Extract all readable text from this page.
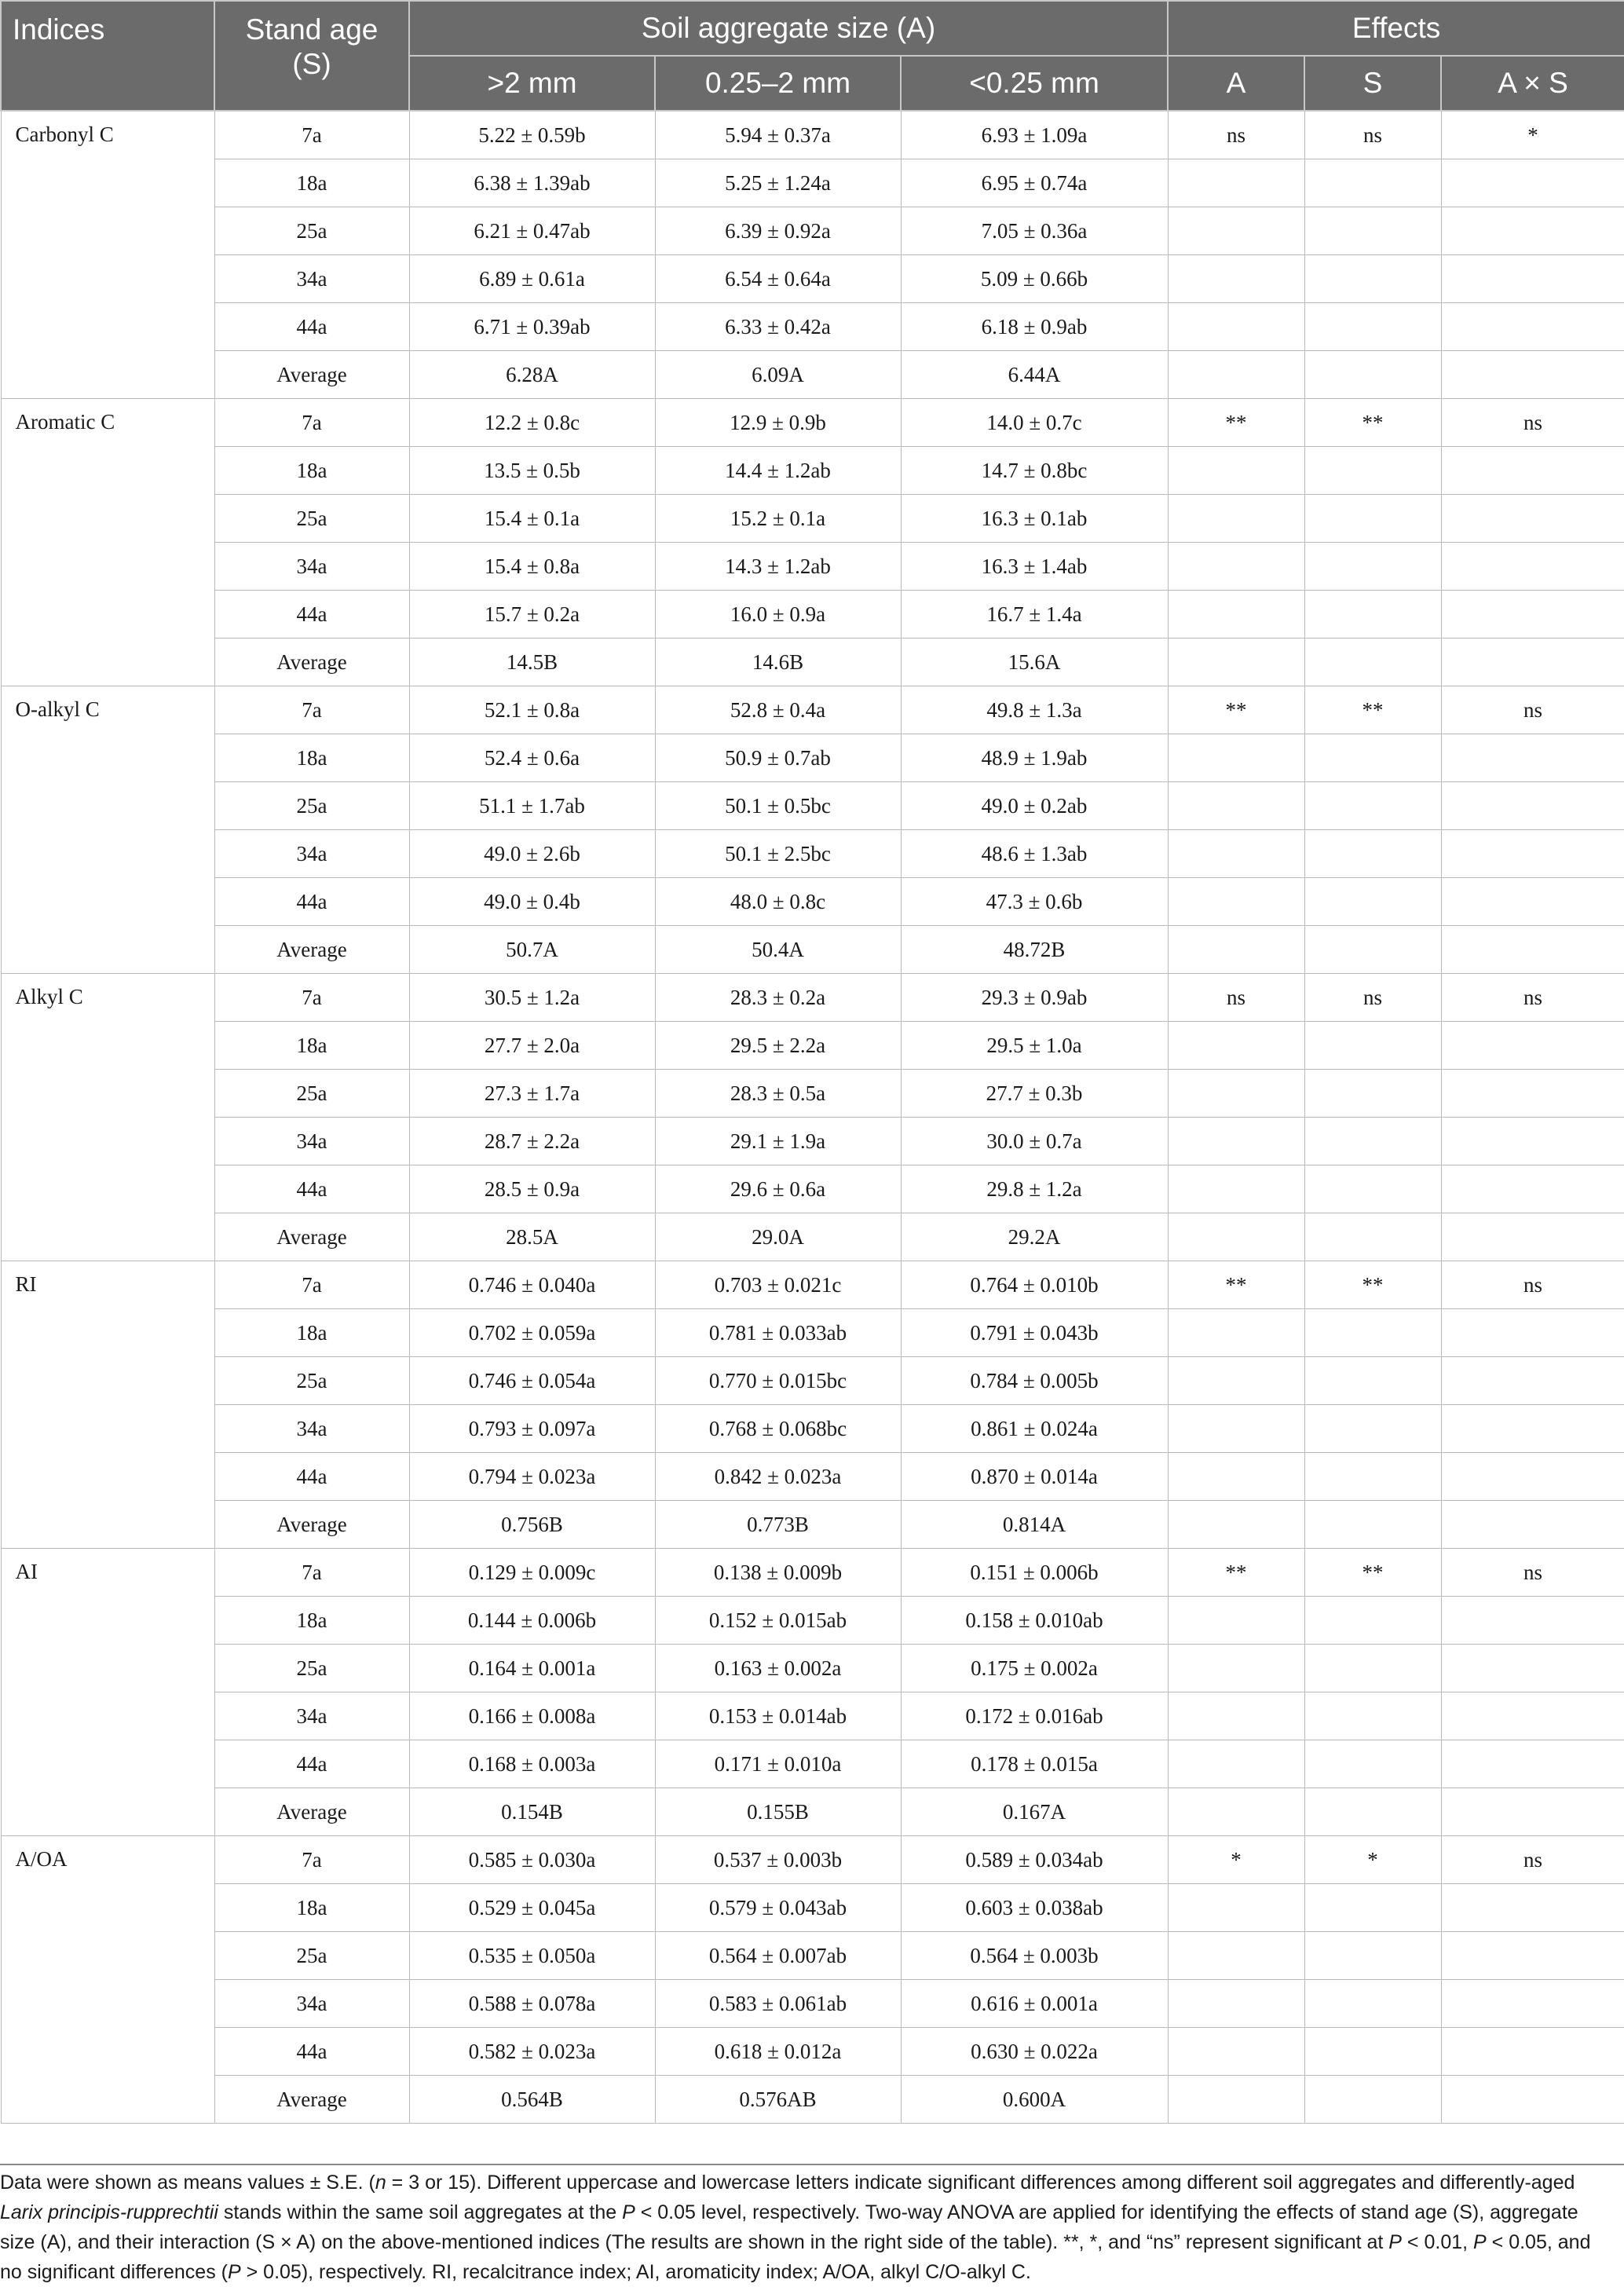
Indices	Stand age (S)	Soil aggregate size (A)			Effects		
		>2 mm	0.25–2 mm	<0.25 mm	A	S	A × S
Carbonyl C	7a	5.22 ± 0.59b	5.94 ± 0.37a	6.93 ± 1.09a	ns	ns	*
	18a	6.38 ± 1.39ab	5.25 ± 1.24a	6.95 ± 0.74a			
	25a	6.21 ± 0.47ab	6.39 ± 0.92a	7.05 ± 0.36a			
	34a	6.89 ± 0.61a	6.54 ± 0.64a	5.09 ± 0.66b			
	44a	6.71 ± 0.39ab	6.33 ± 0.42a	6.18 ± 0.9ab			
	Average	6.28A	6.09A	6.44A			
Aromatic C	7a	12.2 ± 0.8c	12.9 ± 0.9b	14.0 ± 0.7c	**	**	ns
	18a	13.5 ± 0.5b	14.4 ± 1.2ab	14.7 ± 0.8bc			
	25a	15.4 ± 0.1a	15.2 ± 0.1a	16.3 ± 0.1ab			
	34a	15.4 ± 0.8a	14.3 ± 1.2ab	16.3 ± 1.4ab			
	44a	15.7 ± 0.2a	16.0 ± 0.9a	16.7 ± 1.4a			
	Average	14.5B	14.6B	15.6A			
O-alkyl C	7a	52.1 ± 0.8a	52.8 ± 0.4a	49.8 ± 1.3a	**	**	ns
	18a	52.4 ± 0.6a	50.9 ± 0.7ab	48.9 ± 1.9ab			
	25a	51.1 ± 1.7ab	50.1 ± 0.5bc	49.0 ± 0.2ab			
	34a	49.0 ± 2.6b	50.1 ± 2.5bc	48.6 ± 1.3ab			
	44a	49.0 ± 0.4b	48.0 ± 0.8c	47.3 ± 0.6b			
	Average	50.7A	50.4A	48.72B			
Alkyl C	7a	30.5 ± 1.2a	28.3 ± 0.2a	29.3 ± 0.9ab	ns	ns	ns
	18a	27.7 ± 2.0a	29.5 ± 2.2a	29.5 ± 1.0a			
	25a	27.3 ± 1.7a	28.3 ± 0.5a	27.7 ± 0.3b			
	34a	28.7 ± 2.2a	29.1 ± 1.9a	30.0 ± 0.7a			
	44a	28.5 ± 0.9a	29.6 ± 0.6a	29.8 ± 1.2a			
	Average	28.5A	29.0A	29.2A			
RI	7a	0.746 ± 0.040a	0.703 ± 0.021c	0.764 ± 0.010b	**	**	ns
	18a	0.702 ± 0.059a	0.781 ± 0.033ab	0.791 ± 0.043b			
	25a	0.746 ± 0.054a	0.770 ± 0.015bc	0.784 ± 0.005b			
	34a	0.793 ± 0.097a	0.768 ± 0.068bc	0.861 ± 0.024a			
	44a	0.794 ± 0.023a	0.842 ± 0.023a	0.870 ± 0.014a			
	Average	0.756B	0.773B	0.814A			
AI	7a	0.129 ± 0.009c	0.138 ± 0.009b	0.151 ± 0.006b	**	**	ns
	18a	0.144 ± 0.006b	0.152 ± 0.015ab	0.158 ± 0.010ab			
	25a	0.164 ± 0.001a	0.163 ± 0.002a	0.175 ± 0.002a			
	34a	0.166 ± 0.008a	0.153 ± 0.014ab	0.172 ± 0.016ab			
	44a	0.168 ± 0.003a	0.171 ± 0.010a	0.178 ± 0.015a			
	Average	0.154B	0.155B	0.167A			
A/OA	7a	0.585 ± 0.030a	0.537 ± 0.003b	0.589 ± 0.034ab	*	*	ns
	18a	0.529 ± 0.045a	0.579 ± 0.043ab	0.603 ± 0.038ab			
	25a	0.535 ± 0.050a	0.564 ± 0.007ab	0.564 ± 0.003b			
	34a	0.588 ± 0.078a	0.583 ± 0.061ab	0.616 ± 0.001a			
	44a	0.582 ± 0.023a	0.618 ± 0.012a	0.630 ± 0.022a			
	Average	0.564B	0.576AB	0.600A			
Data were shown as means values ± S.E. (n = 3 or 15). Different uppercase and lowercase letters indicate significant differences among different soil aggregates and differently-aged Larix principis-rupprechtii stands within the same soil aggregates at the P < 0.05 level, respectively. Two-way ANOVA are applied for identifying the effects of stand age (S), aggregate size (A), and their interaction (S × A) on the above-mentioned indices (The results are shown in the right side of the table). **, *, and “ns” represent significant at P < 0.01, P < 0.05, and no significant differences (P > 0.05), respectively. RI, recalcitrance index; AI, aromaticity index; A/OA, alkyl C/O-alkyl C.
